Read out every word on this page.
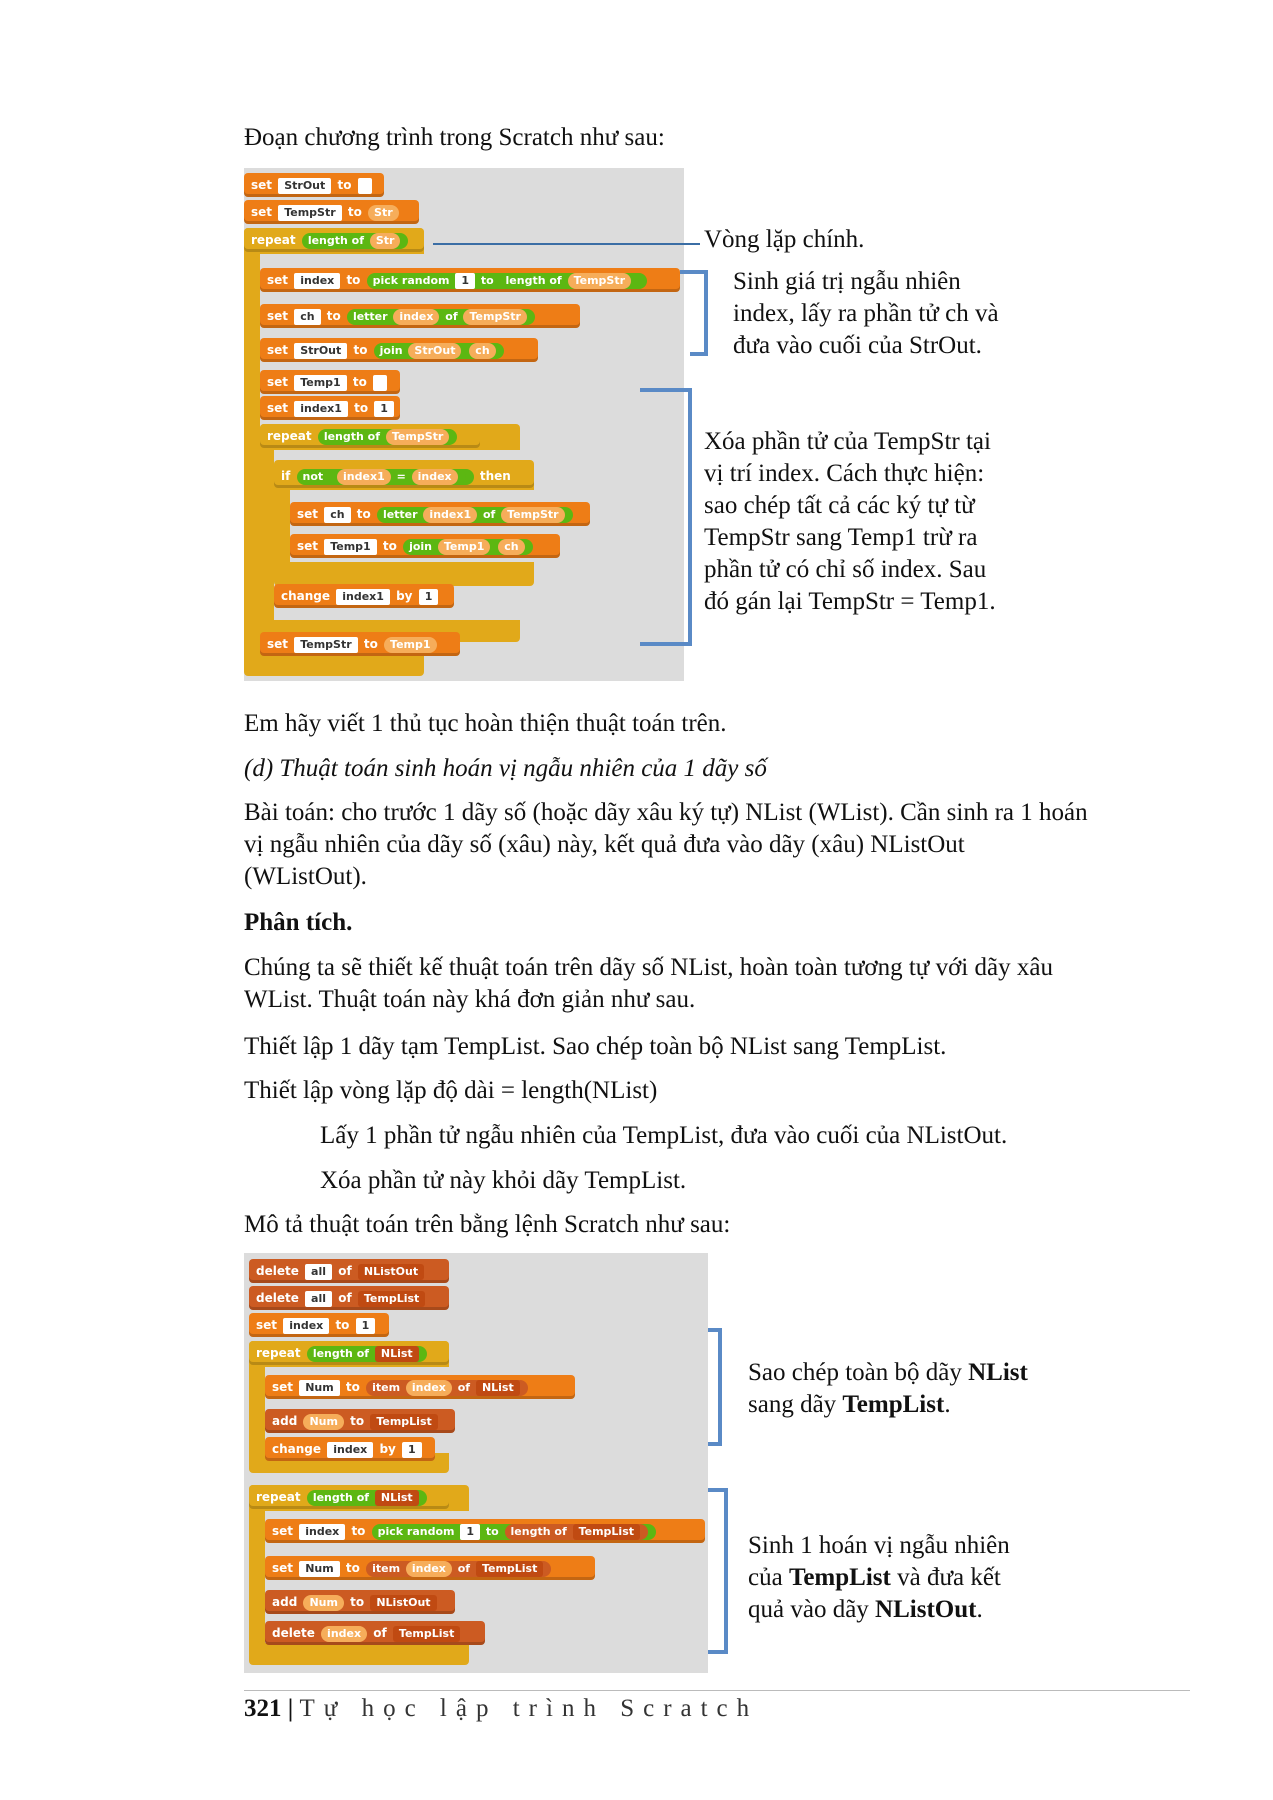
Đoạn chương trình trong Scratch như sau:

set StrOut to
set TempStr to Str
repeat length of Str
set index to pick random 1 to length of TempStr
set ch to letter index of TempStr
set StrOut to join StrOut ch
set Temp1 to
set index1 to 1
repeat length of TempStr
if not index1 = index then
set ch to letter index1 of TempStr
set Temp1 to join Temp1 ch
change index1 by 1
set TempStr to Temp1

Vòng lặp chính.

Sinh giá trị ngẫu nhiên
index, lấy ra phần tử ch và
đưa vào cuối của StrOut.
Xóa phần tử của TempStr tại
vị trí index. Cách thực hiện:
sao chép tất cả các ký tự từ
TempStr sang Temp1 trừ ra
phần tử có chỉ số index. Sau
đó gán lại TempStr = Temp1.

Em hãy viết 1 thủ tục hoàn thiện thuật toán trên.

(d) Thuật toán sinh hoán vị ngẫu nhiên của 1 dãy số

Bài toán: cho trước 1 dãy số (hoặc dãy xâu ký tự) NList (WList). Cần sinh ra 1 hoán
vị ngẫu nhiên của dãy số (xâu) này, kết quả đưa vào dãy (xâu) NListOut
(WListOut).

Phân tích.

Chúng ta sẽ thiết kế thuật toán trên dãy số NList, hoàn toàn tương tự với dãy xâu
WList. Thuật toán này khá đơn giản như sau.

Thiết lập 1 dãy tạm TempList. Sao chép toàn bộ NList sang TempList.

Thiết lập vòng lặp độ dài = length(NList)

Lấy 1 phần tử ngẫu nhiên của TempList, đưa vào cuối của NListOut.

Xóa phần tử này khỏi dãy TempList.

Mô tả thuật toán trên bằng lệnh Scratch như sau:

delete all of NListOut
delete all of TempList
set index to 1
repeat length of NList
set Num to item index of NList
add Num to TempList
change index by 1
repeat length of NList
set index to pick random 1 to length of TempList
set Num to item index of TempList
add Num to NListOut
delete index of TempList
Sao chép toàn bộ dãy NList
sang dãy TempList.
Sinh 1 hoán vị ngẫu nhiên
của TempList và đưa kết
quả vào dãy NListOut.
321 | Tự học lập trình Scratch
